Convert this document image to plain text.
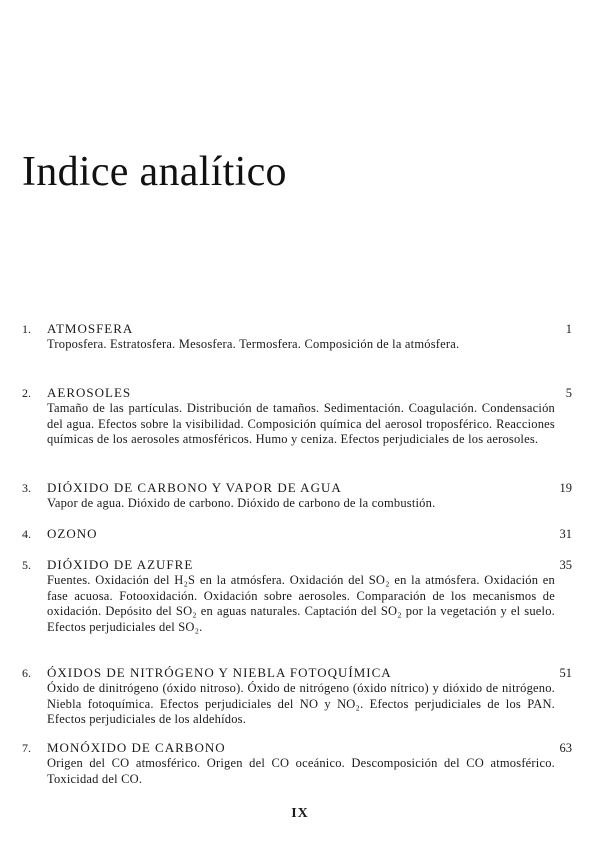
Indice analítico
1.	ATMOSFERA	1
Troposfera. Estratosfera. Mesosfera. Termosfera. Composición de la atmósfera.
2.	AEROSOLES	5
Tamaño de las partículas. Distribución de tamaños. Sedimentación. Coagulación. Condensación del agua. Efectos sobre la visibilidad. Composición química del aerosol troposférico. Reacciones químicas de los aerosoles atmosféricos. Humo y ceniza. Efectos perjudiciales de los aerosoles.
3.	DIÓXIDO DE CARBONO Y VAPOR DE AGUA	19
Vapor de agua. Dióxido de carbono. Dióxido de carbono de la combustión.
4.	OZONO	31
5.	DIÓXIDO DE AZUFRE	35
Fuentes. Oxidación del H₂S en la atmósfera. Oxidación del SO₂ en la atmósfera. Oxidación en fase acuosa. Fotooxidación. Oxidación sobre aerosoles. Comparación de los mecanismos de oxidación. Depósito del SO₂ en aguas naturales. Captación del SO₂ por la vegetación y el suelo. Efectos perjudiciales del SO₂.
6.	ÓXIDOS DE NITRÓGENO Y NIEBLA FOTOQUÍMICA	51
Óxido de dinitrógeno (óxido nitroso). Óxido de nitrógeno (óxido nítrico) y dióxido de nitrógeno. Niebla fotoquímica. Efectos perjudiciales del NO y NO₂. Efectos perjudiciales de los PAN. Efectos perjudiciales de los aldehídos.
7.	MONÓXIDO DE CARBONO	63
Origen del CO atmosférico. Origen del CO oceánico. Descomposición del CO atmosférico. Toxicidad del CO.
IX
